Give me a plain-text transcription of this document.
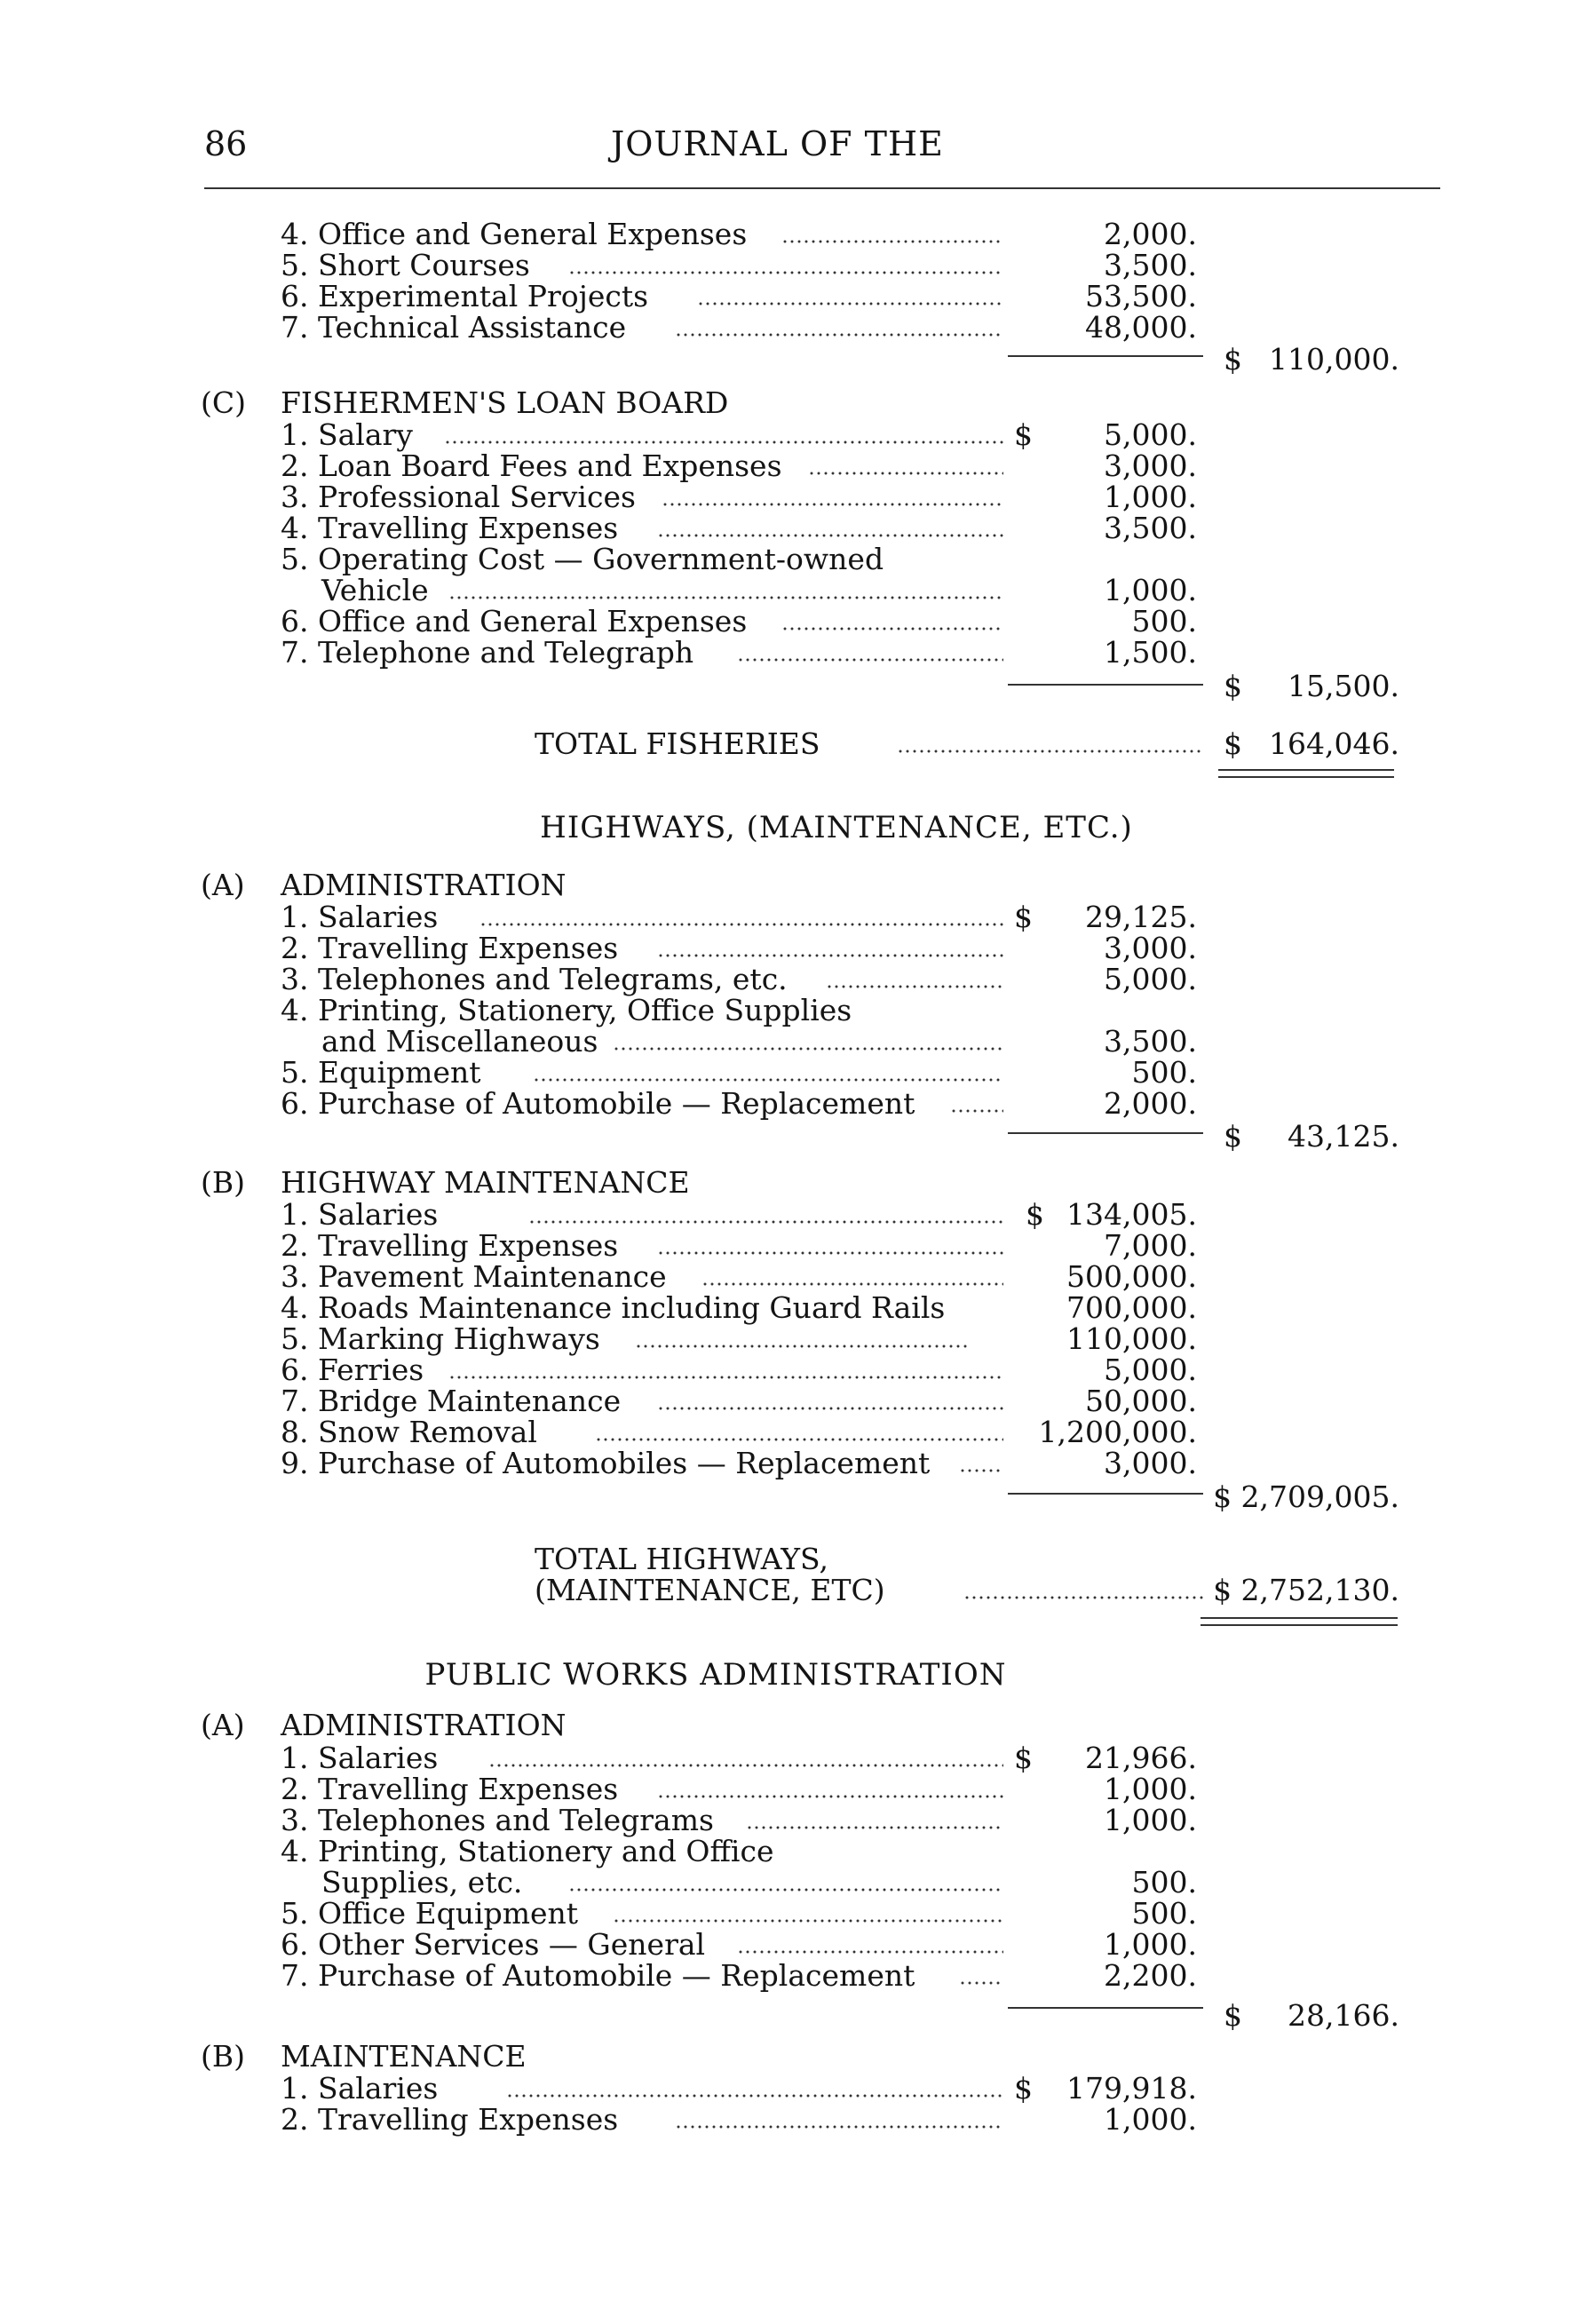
86	JOURNAL OF THE
4. Office and General Expenses	2,000.
5. Short Courses	3,500.
6. Experimental Projects	53,500.
7. Technical Assistance	48,000.
$ 110,000.
(C) FISHERMEN'S LOAN BOARD
1. Salary	$ 5,000.
2. Loan Board Fees and Expenses	3,000.
3. Professional Services	1,000.
4. Travelling Expenses	3,500.
5. Operating Cost — Government-owned
Vehicle	1,000.
6. Office and General Expenses	500.
7. Telephone and Telegraph	1,500.
$ 15,500.
TOTAL FISHERIES	$ 164,046.
HIGHWAYS, (MAINTENANCE, ETC.)
(A) ADMINISTRATION
1. Salaries	$ 29,125.
2. Travelling Expenses	3,000.
3. Telephones and Telegrams, etc.	5,000.
4. Printing, Stationery, Office Supplies
and Miscellaneous	3,500.
5. Equipment	500.
6. Purchase of Automobile — Replacement	2,000.
$ 43,125.
(B) HIGHWAY MAINTENANCE
1. Salaries	$ 134,005.
2. Travelling Expenses	7,000.
3. Pavement Maintenance	500,000.
4. Roads Maintenance including Guard Rails	700,000.
5. Marking Highways	110,000.
6. Ferries	5,000.
7. Bridge Maintenance	50,000.
8. Snow Removal	1,200,000.
9. Purchase of Automobiles — Replacement	3,000.
$ 2,709,005.
TOTAL HIGHWAYS,
(MAINTENANCE, ETC)	$ 2,752,130.
PUBLIC WORKS ADMINISTRATION
(A) ADMINISTRATION
1. Salaries	$ 21,966.
2. Travelling Expenses	1,000.
3. Telephones and Telegrams	1,000.
4. Printing, Stationery and Office
Supplies, etc.	500.
5. Office Equipment	500.
6. Other Services — General	1,000.
7. Purchase of Automobile — Replacement	2,200.
$ 28,166.
(B) MAINTENANCE
1. Salaries	$ 179,918.
2. Travelling Expenses	1,000.
